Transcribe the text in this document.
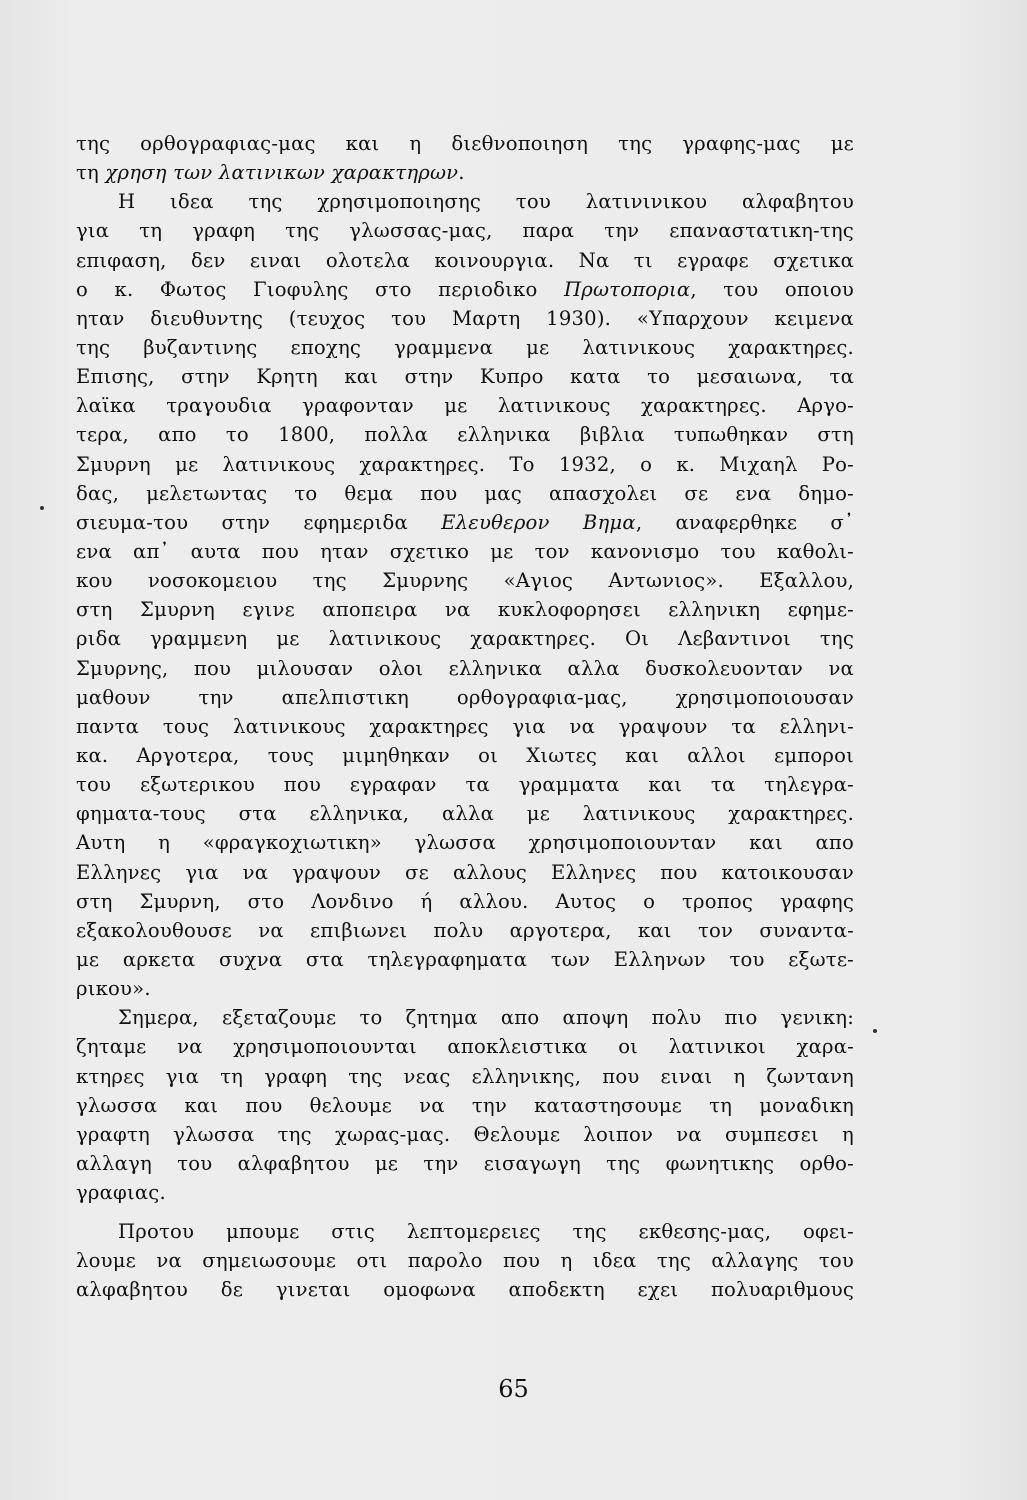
της ορθογραφιας-μας και η διεθνοποιηση της γραφης-μας με
τη χρηση των λατινικων χαρακτηρων.
Η ιδεα της χρησιμοποιησης του λατινινικου αλφαβητου
για τη γραφη της γλωσσας-μας, παρα την επαναστατικη-της
επιφαση, δεν ειναι ολοτελα κοινουργια. Να τι εγραφε σχετικα
ο κ. Φωτος Γιοφυλης στο περιοδικο Πρωτοπορια, του οποιου
ηταν διευθυντης (τευχος του Μαρτη 1930). «Υπαρχουν κειμενα
της βυζαντινης εποχης γραμμενα με λατινικους χαρακτηρες.
Επισης, στην Κρητη και στην Κυπρο κατα το μεσαιωνα, τα
λαϊκα τραγουδια γραφονταν με λατινικους χαρακτηρες. Αργο-
τερα, απο το 1800, πολλα ελληνικα βιβλια τυπωθηκαν στη
Σμυρνη με λατινικους χαρακτηρες. Το 1932, ο κ. Μιχαηλ Ρο-
δας, μελετωντας το θεμα που μας απασχολει σε ενα δημο-
σιευμα-του στην εφημεριδα Ελευθερον Βημα, αναφερθηκε σ᾿
ενα απ᾿ αυτα που ηταν σχετικο με τον κανονισμο του καθολι-
κου νοσοκομειου της Σμυρνης «Αγιος Αντωνιος». Εξαλλου,
στη Σμυρνη εγινε αποπειρα να κυκλοφορησει ελληνικη εφημε-
ριδα γραμμενη με λατινικους χαρακτηρες. Οι Λεβαντινοι της
Σμυρνης, που μιλουσαν ολοι ελληνικα αλλα δυσκολευονταν να
μαθουν την απελπιστικη ορθογραφια-μας, χρησιμοποιουσαν
παντα τους λατινικους χαρακτηρες για να γραψουν τα ελληνι-
κα. Αργοτερα, τους μιμηθηκαν οι Χιωτες και αλλοι εμποροι
του εξωτερικου που εγραφαν τα γραμματα και τα τηλεγρα-
φηματα-τους στα ελληνικα, αλλα με λατινικους χαρακτηρες.
Αυτη η «φραγκοχιωτικη» γλωσσα χρησιμοποιουνταν και απο
Ελληνες για να γραψουν σε αλλους Ελληνες που κατοικουσαν
στη Σμυρνη, στο Λονδινο ή αλλου. Αυτος ο τροπος γραφης
εξακολουθουσε να επιβιωνει πολυ αργοτερα, και τον συναντα-
με αρκετα συχνα στα τηλεγραφηματα των Ελληνων του εξωτε-
ρικου».
Σημερα, εξεταζουμε το ζητημα απο αποψη πολυ πιο γενικη:
ζηταμε να χρησιμοποιουνται αποκλειστικα οι λατινικοι χαρα-
κτηρες για τη γραφη της νεας ελληνικης, που ειναι η ζωντανη
γλωσσα και που θελουμε να την καταστησουμε τη μοναδικη
γραφτη γλωσσα της χωρας-μας. Θελουμε λοιπον να συμπεσει η
αλλαγη του αλφαβητου με την εισαγωγη της φωνητικης ορθο-
γραφιας.
Προτου μπουμε στις λεπτομερειες της εκθεσης-μας, οφει-
λουμε να σημειωσουμε οτι παρολο που η ιδεα της αλλαγης του
αλφαβητου δε γινεται ομοφωνα αποδεκτη εχει πολυαριθμους
65
